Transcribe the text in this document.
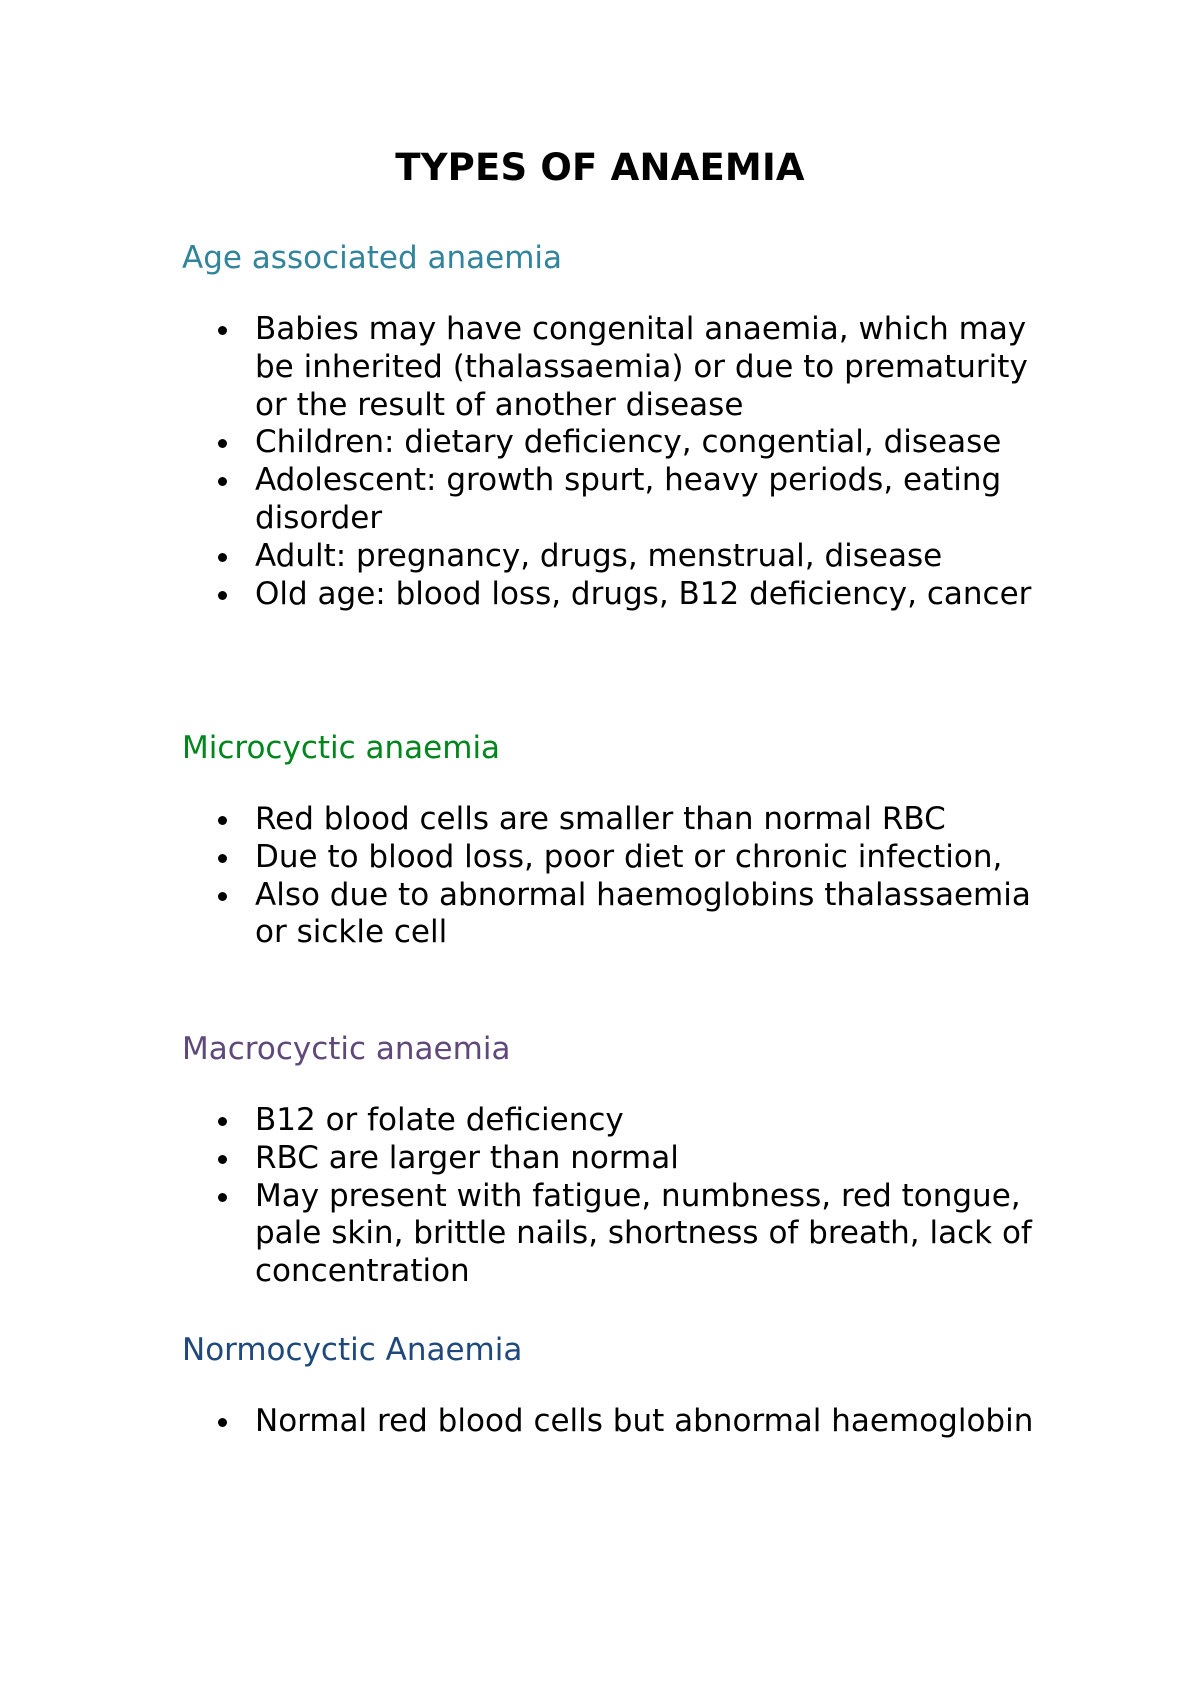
TYPES OF ANAEMIA
Age associated anaemia
Babies may have congenital anaemia, which may be inherited (thalassaemia) or due to prematurity or the result of another disease
Children: dietary deficiency, congential, disease
Adolescent: growth spurt, heavy periods, eating disorder
Adult: pregnancy, drugs, menstrual, disease
Old age: blood loss, drugs, B12 deficiency, cancer
Microcyctic anaemia
Red blood cells are smaller than normal RBC
Due to blood loss, poor diet or chronic infection,
Also due to abnormal haemoglobins thalassaemia or sickle cell
Macrocyctic anaemia
B12 or folate deficiency
RBC are larger than normal
May present with fatigue, numbness, red tongue, pale skin, brittle nails, shortness of breath, lack of concentration
Normocyctic Anaemia
Normal red blood cells but abnormal haemoglobin
